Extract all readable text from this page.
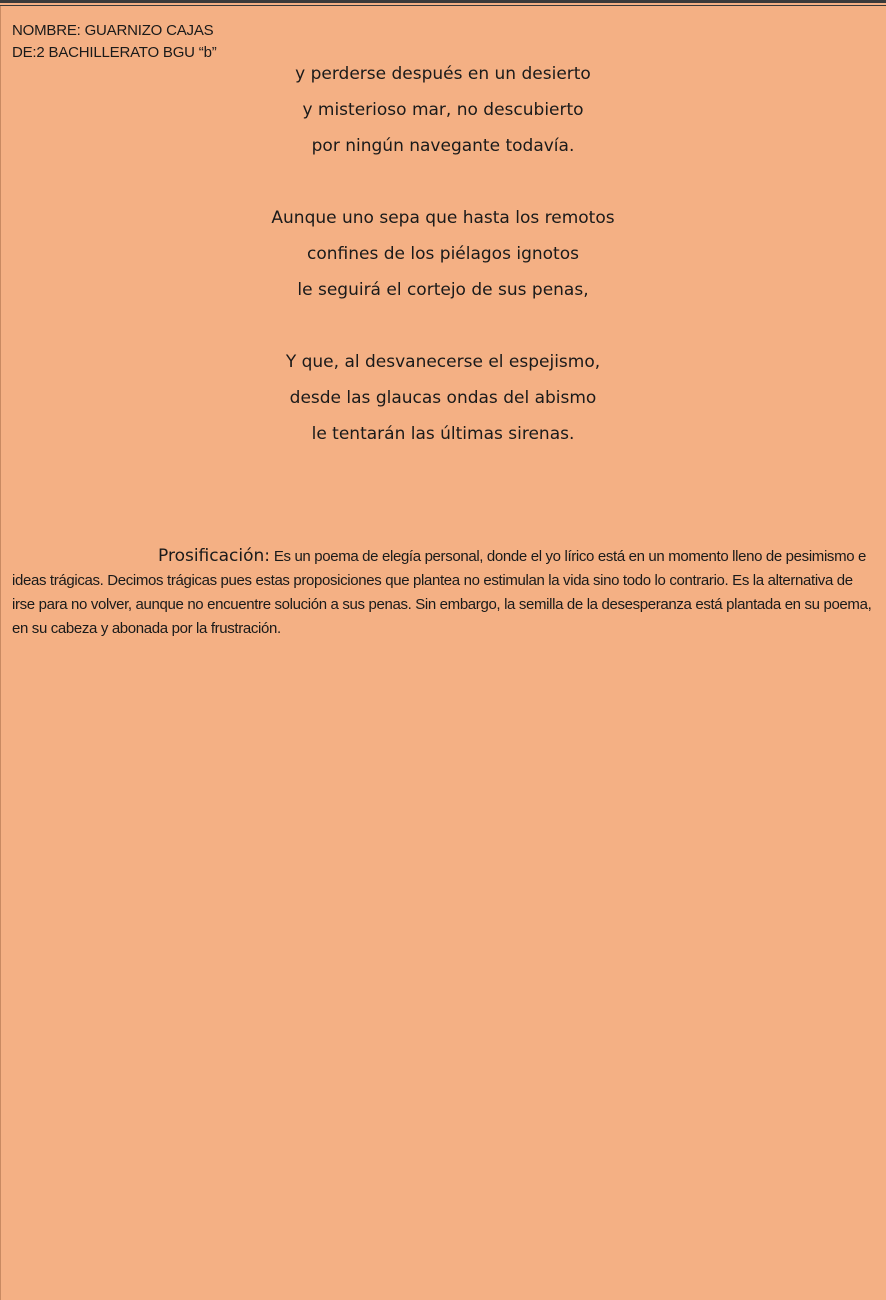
NOMBRE: GUARNIZO CAJAS
DE:2 BACHILLERATO BGU “b”
y perderse después en un desierto
y misterioso mar, no descubierto
por ningún navegante todavía.
Aunque uno sepa que hasta los remotos
confines de los piélagos ignotos
le seguirá el cortejo de sus penas,
Y que, al desvanecerse el espejismo,
desde las glaucas ondas del abismo
le tentarán las últimas sirenas.

Prosificación: Es un poema de elegía personal, donde el yo lírico está en un momento lleno de pesimismo e ideas trágicas. Decimos trágicas pues estas proposiciones que plantea no estimulan la vida sino todo lo contrario. Es la alternativa de irse para no volver, aunque no encuentre solución a sus penas. Sin embargo, la semilla de la desesperanza está plantada en su poema, en su cabeza y abonada por la frustración.
